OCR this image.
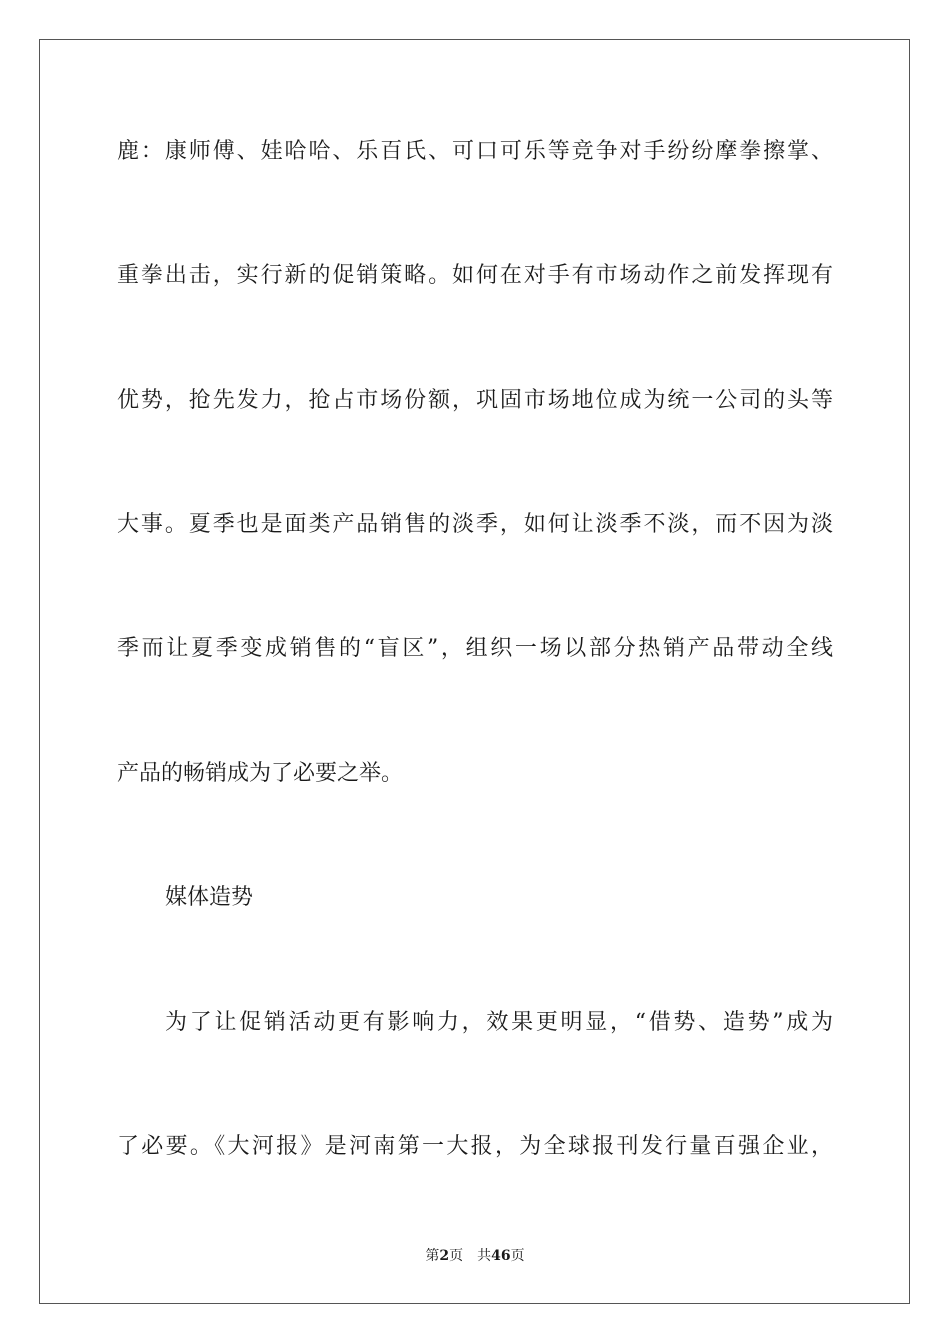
鹿：康师傅、娃哈哈、乐百氏、可口可乐等竞争对手纷纷摩拳擦掌、
重拳出击，实行新的促销策略。如何在对手有市场动作之前发挥现有
优势，抢先发力，抢占市场份额，巩固市场地位成为统一公司的头等
大事。夏季也是面类产品销售的淡季，如何让淡季不淡，而不因为淡
季而让夏季变成销售的“盲区”，组织一场以部分热销产品带动全线
产品的畅销成为了必要之举。
媒体造势
为了让促销活动更有影响力，效果更明显，“借势、造势”成为
了必要。《大河报》是河南第一大报，为全球报刊发行量百强企业，
第2页 共46页
